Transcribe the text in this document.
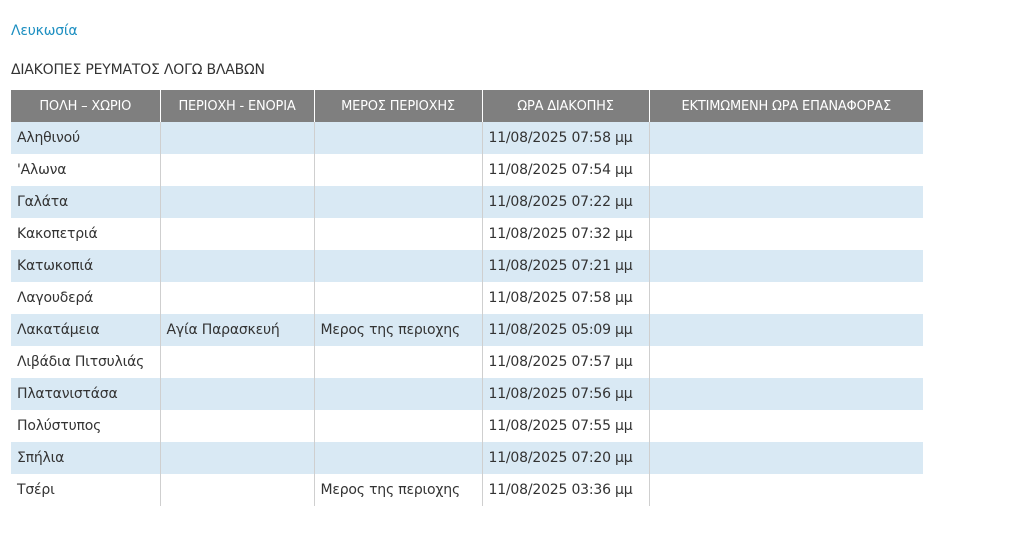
Λευκωσία
ΔΙΑΚΟΠΕΣ ΡΕΥΜΑΤΟΣ ΛΟΓΩ ΒΛΑΒΩΝ
ΠΟΛΗ – ΧΩΡΙΟ	ΠΕΡΙΟΧΗ - ΕΝΟΡΙΑ	ΜΕΡΟΣ ΠΕΡΙΟΧΗΣ	ΩΡΑ ΔΙΑΚΟΠΗΣ	ΕΚΤΙΜΩΜΕΝΗ ΩΡΑ ΕΠΑΝΑΦΟΡΑΣ
Αληθινού			11/08/2025 07:58 μμ	
'Αλωνα			11/08/2025 07:54 μμ	
Γαλάτα			11/08/2025 07:22 μμ	
Κακοπετριά			11/08/2025 07:32 μμ	
Κατωκοπιά			11/08/2025 07:21 μμ	
Λαγουδερά			11/08/2025 07:58 μμ	
Λακατάμεια	Αγία Παρασκευή	Μερος της περιοχης	11/08/2025 05:09 μμ	
Λιβάδια Πιτσυλιάς			11/08/2025 07:57 μμ	
Πλατανιστάσα			11/08/2025 07:56 μμ	
Πολύστυπος			11/08/2025 07:55 μμ	
Σπήλια			11/08/2025 07:20 μμ	
Τσέρι		Μερος της περιοχης	11/08/2025 03:36 μμ	
